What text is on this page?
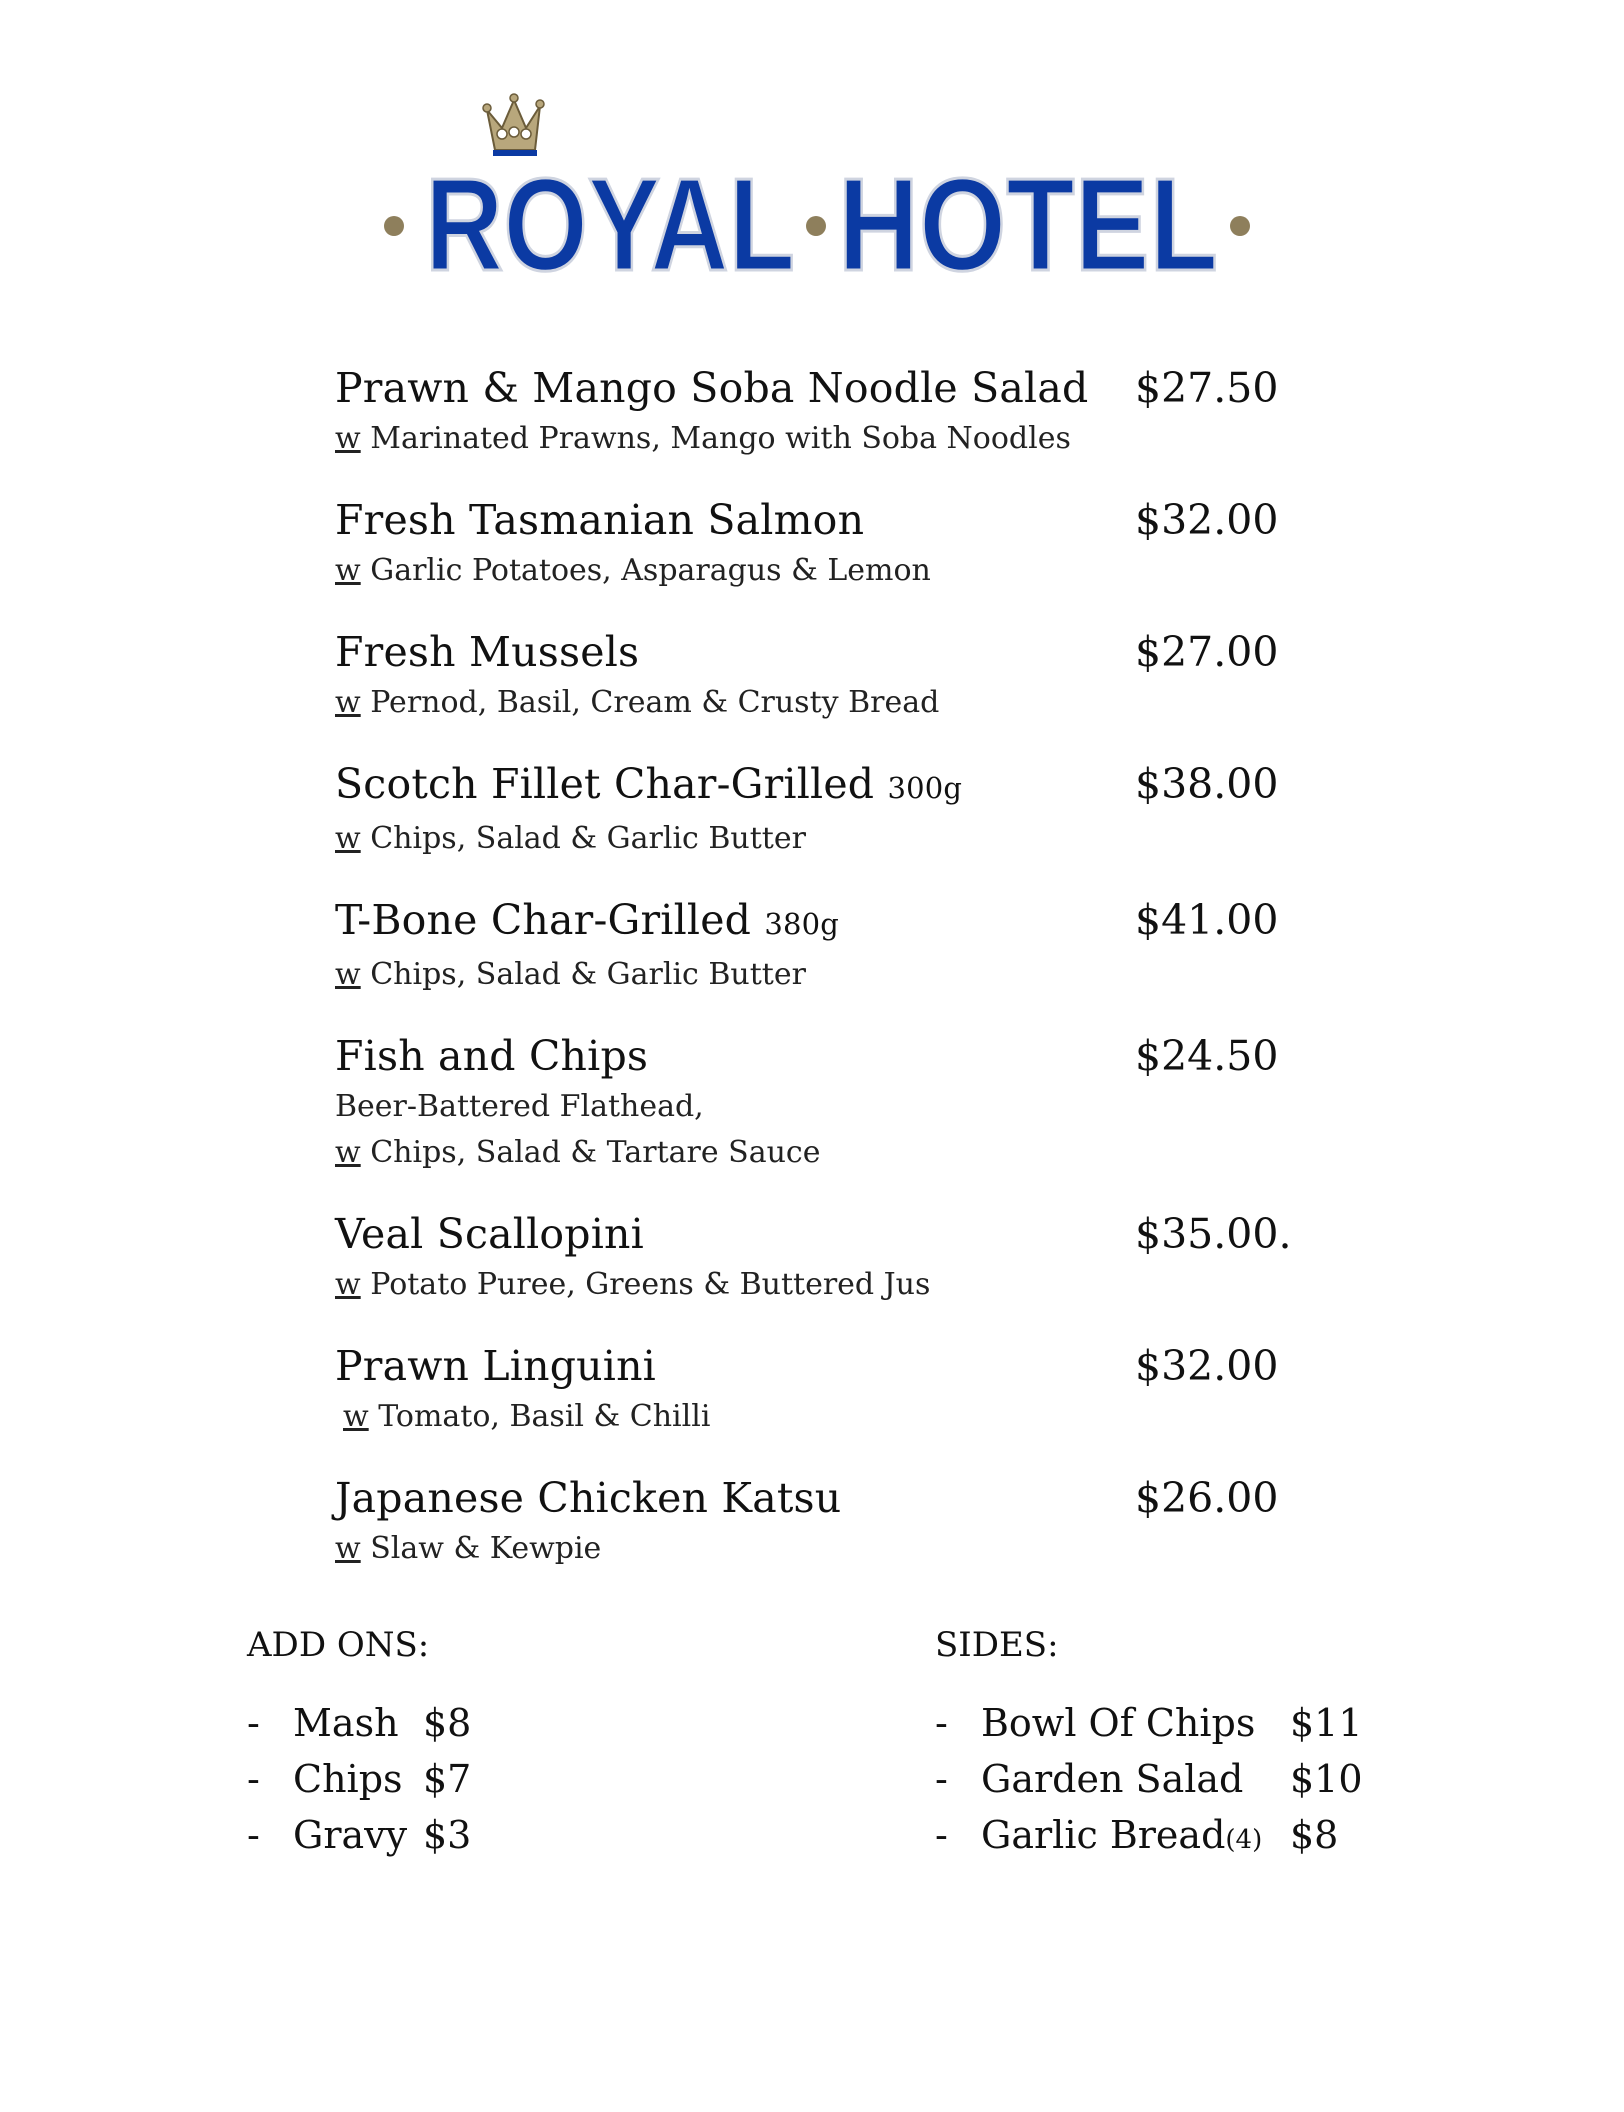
ROYAL HOTEL
Prawn & Mango Soba Noodle Salad	$27.50
w Marinated Prawns, Mango with Soba Noodles
Fresh Tasmanian Salmon	$32.00
w Garlic Potatoes, Asparagus & Lemon
Fresh Mussels	$27.00
w Pernod, Basil, Cream & Crusty Bread
Scotch Fillet Char-Grilled 300g	$38.00
w Chips, Salad & Garlic Butter
T-Bone Char-Grilled 380g	$41.00
w Chips, Salad & Garlic Butter
Fish and Chips	$24.50
Beer-Battered Flathead,
w Chips, Salad & Tartare Sauce
Veal Scallopini	$35.00.
w Potato Puree, Greens & Buttered Jus
Prawn Linguini	$32.00
w Tomato, Basil & Chilli
Japanese Chicken Katsu	$26.00
w Slaw & Kewpie
ADD ONS:
- Mash $8
- Chips $7
- Gravy $3
SIDES:
- Bowl Of Chips $11
- Garden Salad $10
- Garlic Bread(4) $8
